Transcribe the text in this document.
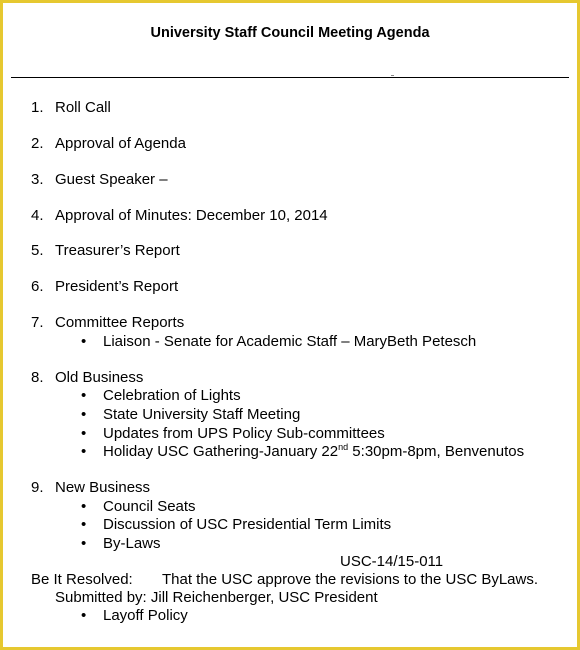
University Staff Council Meeting Agenda
1. Roll Call
2. Approval of Agenda
3. Guest Speaker –
4. Approval of Minutes: December 10, 2014
5. Treasurer’s Report
6. President’s Report
7. Committee Reports
• Liaison - Senate for Academic Staff – MaryBeth Petesch
8. Old Business
• Celebration of Lights
• State University Staff Meeting
• Updates from UPS Policy Sub-committees
• Holiday USC Gathering-January 22nd 5:30pm-8pm, Benvenutos
9. New Business
• Council Seats
• Discussion of USC Presidential Term Limits
• By-Laws
USC-14/15-011
Be It Resolved: That the USC approve the revisions to the USC ByLaws.
Submitted by: Jill Reichenberger, USC President
• Layoff Policy
